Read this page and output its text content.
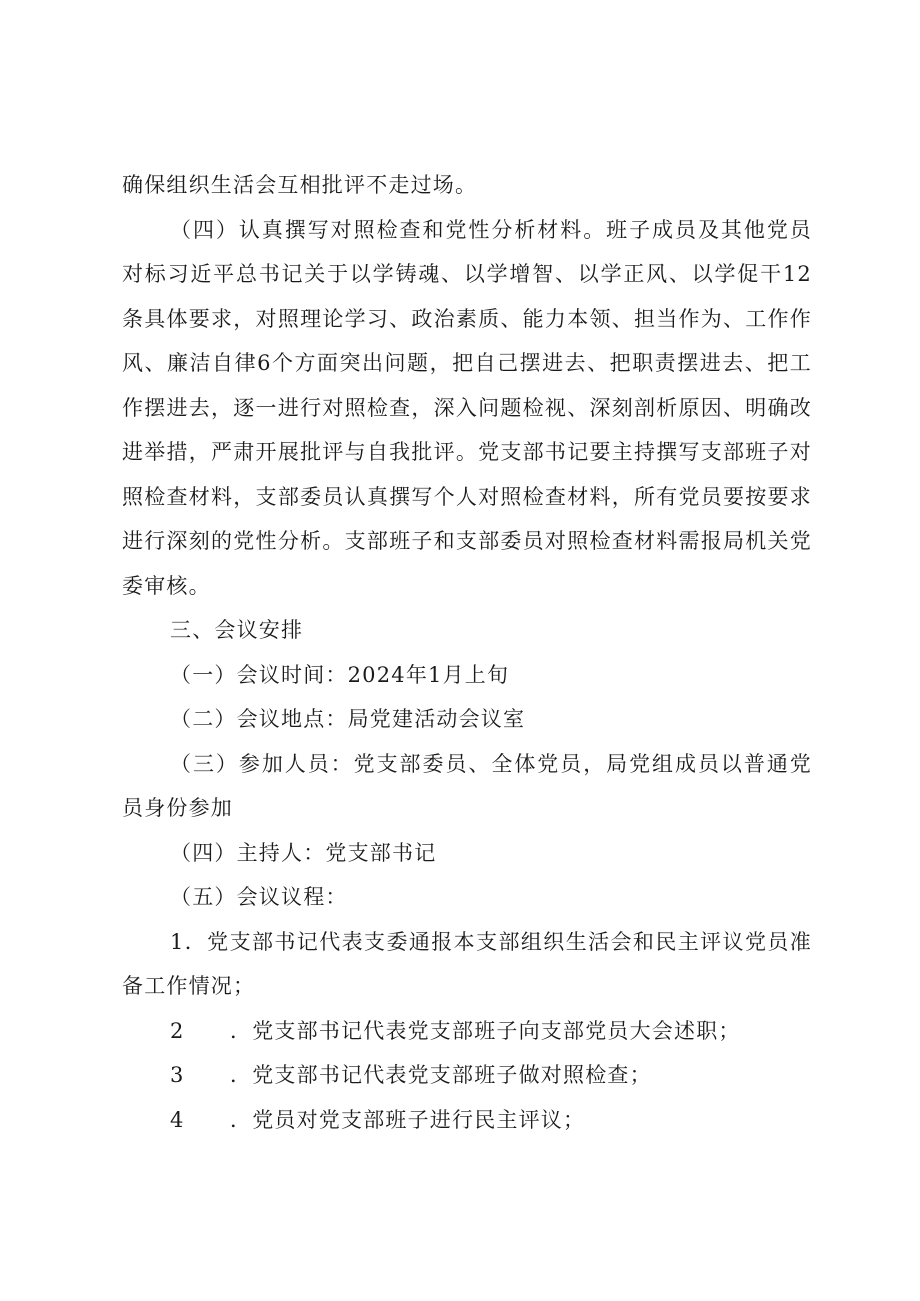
确保组织生活会互相批评不走过场。

（四）认真撰写对照检查和党性分析材料。班子成员及其他党员对标习近平总书记关于以学铸魂、以学增智、以学正风、以学促干12条具体要求，对照理论学习、政治素质、能力本领、担当作为、工作作风、廉洁自律6个方面突出问题，把自己摆进去、把职责摆进去、把工作摆进去，逐一进行对照检查，深入问题检视、深刻剖析原因、明确改进举措，严肃开展批评与自我批评。党支部书记要主持撰写支部班子对照检查材料，支部委员认真撰写个人对照检查材料，所有党员要按要求进行深刻的党性分析。支部班子和支部委员对照检查材料需报局机关党委审核。

三、会议安排

（一）会议时间：2024年1月上旬

（二）会议地点：局党建活动会议室

（三）参加人员：党支部委员、全体党员，局党组成员以普通党员身份参加

（四）主持人：党支部书记

（五）会议议程：

1．党支部书记代表支委通报本支部组织生活会和民主评议党员准备工作情况；

2	．党支部书记代表党支部班子向支部党员大会述职；
3	．党支部书记代表党支部班子做对照检查；
4	．党员对党支部班子进行民主评议；
